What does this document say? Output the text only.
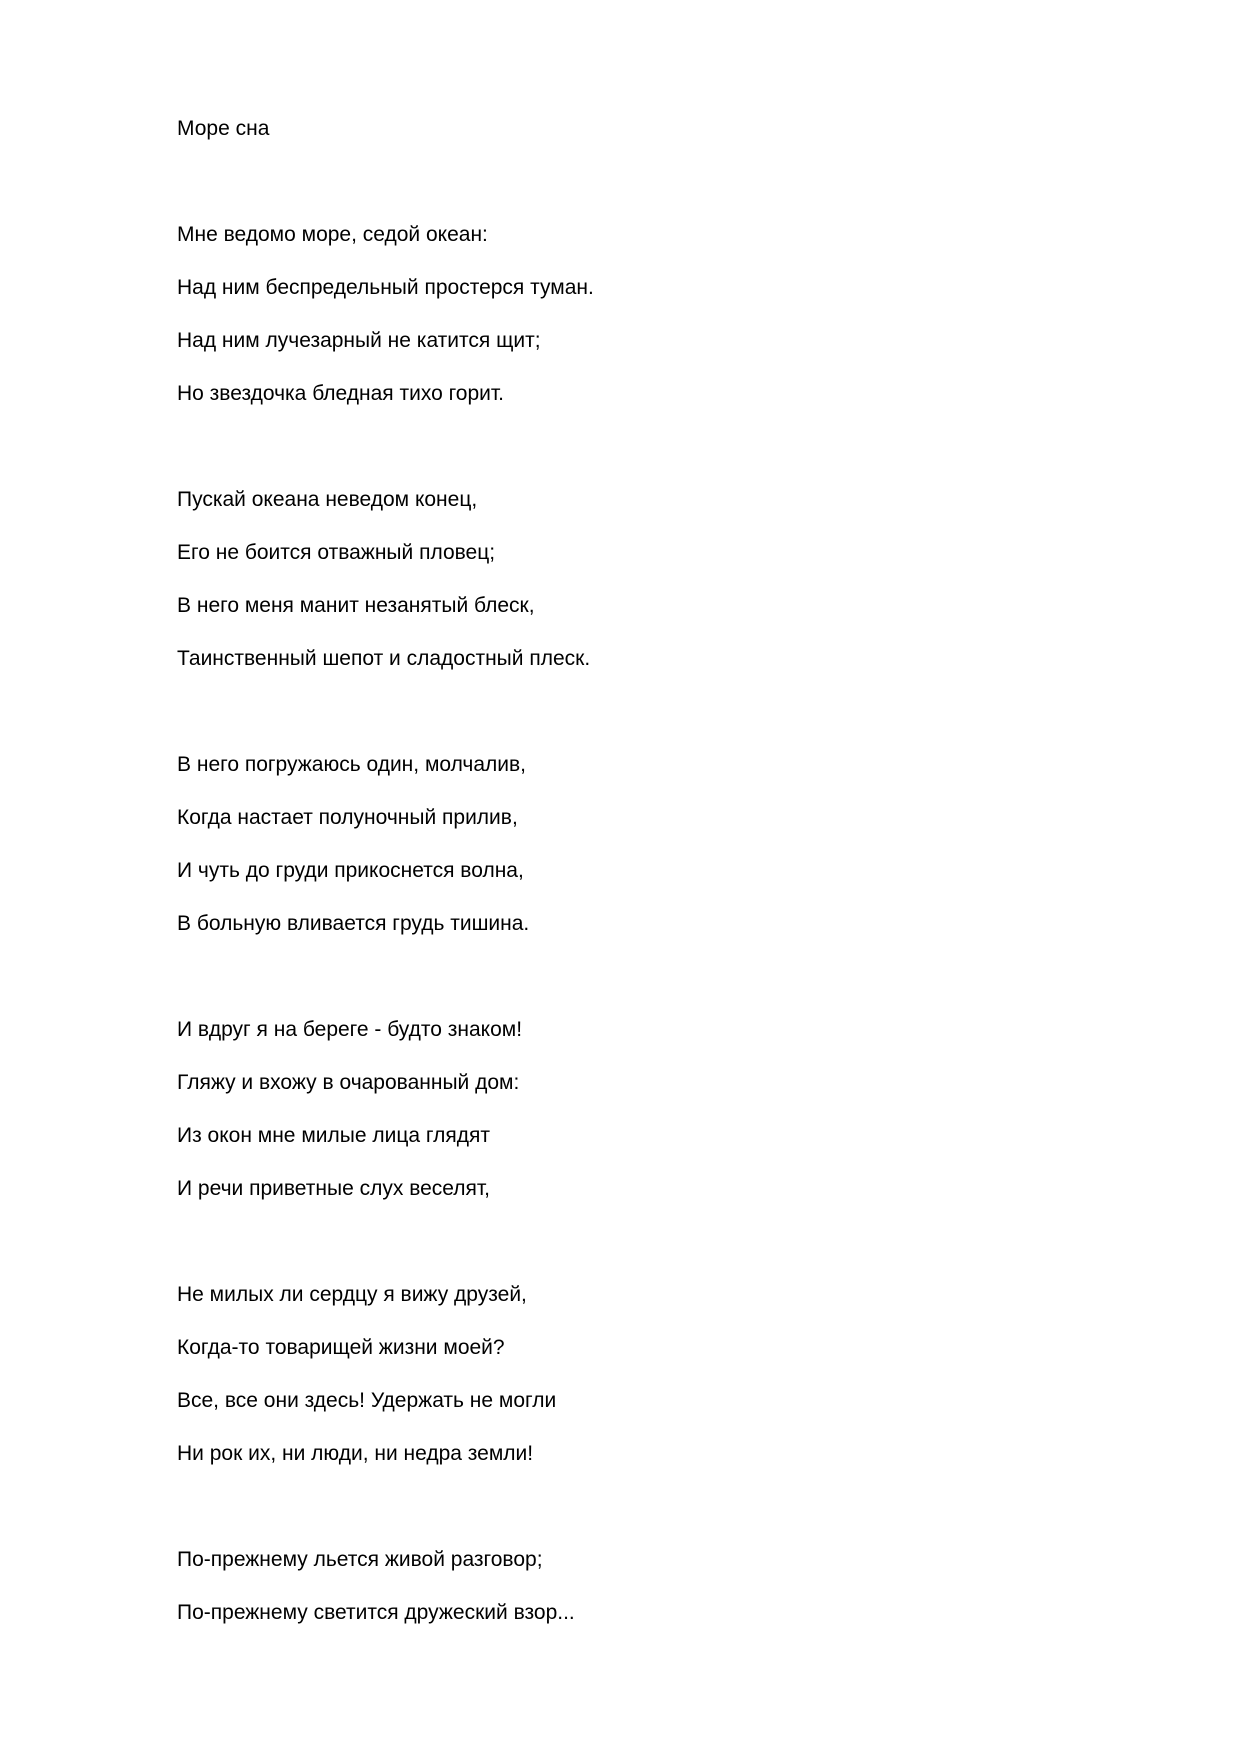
Море сна
Мне ведомо море, седой океан:
Над ним беспредельный простерся туман.
Над ним лучезарный не катится щит;
Но звездочка бледная тихо горит.
Пускай океана неведом конец,
Его не боится отважный пловец;
В него меня манит незанятый блеск,
Таинственный шепот и сладостный плеск.
В него погружаюсь один, молчалив,
Когда настает полуночный прилив,
И чуть до груди прикоснется волна,
В больную вливается грудь тишина.
И вдруг я на береге - будто знаком!
Гляжу и вхожу в очарованный дом:
Из окон мне милые лица глядят
И речи приветные слух веселят,
Не милых ли сердцу я вижу друзей,
Когда-то товарищей жизни моей?
Все, все они здесь! Удержать не могли
Ни рок их, ни люди, ни недра земли!
По-прежнему льется живой разговор;
По-прежнему светится дружеский взор...
